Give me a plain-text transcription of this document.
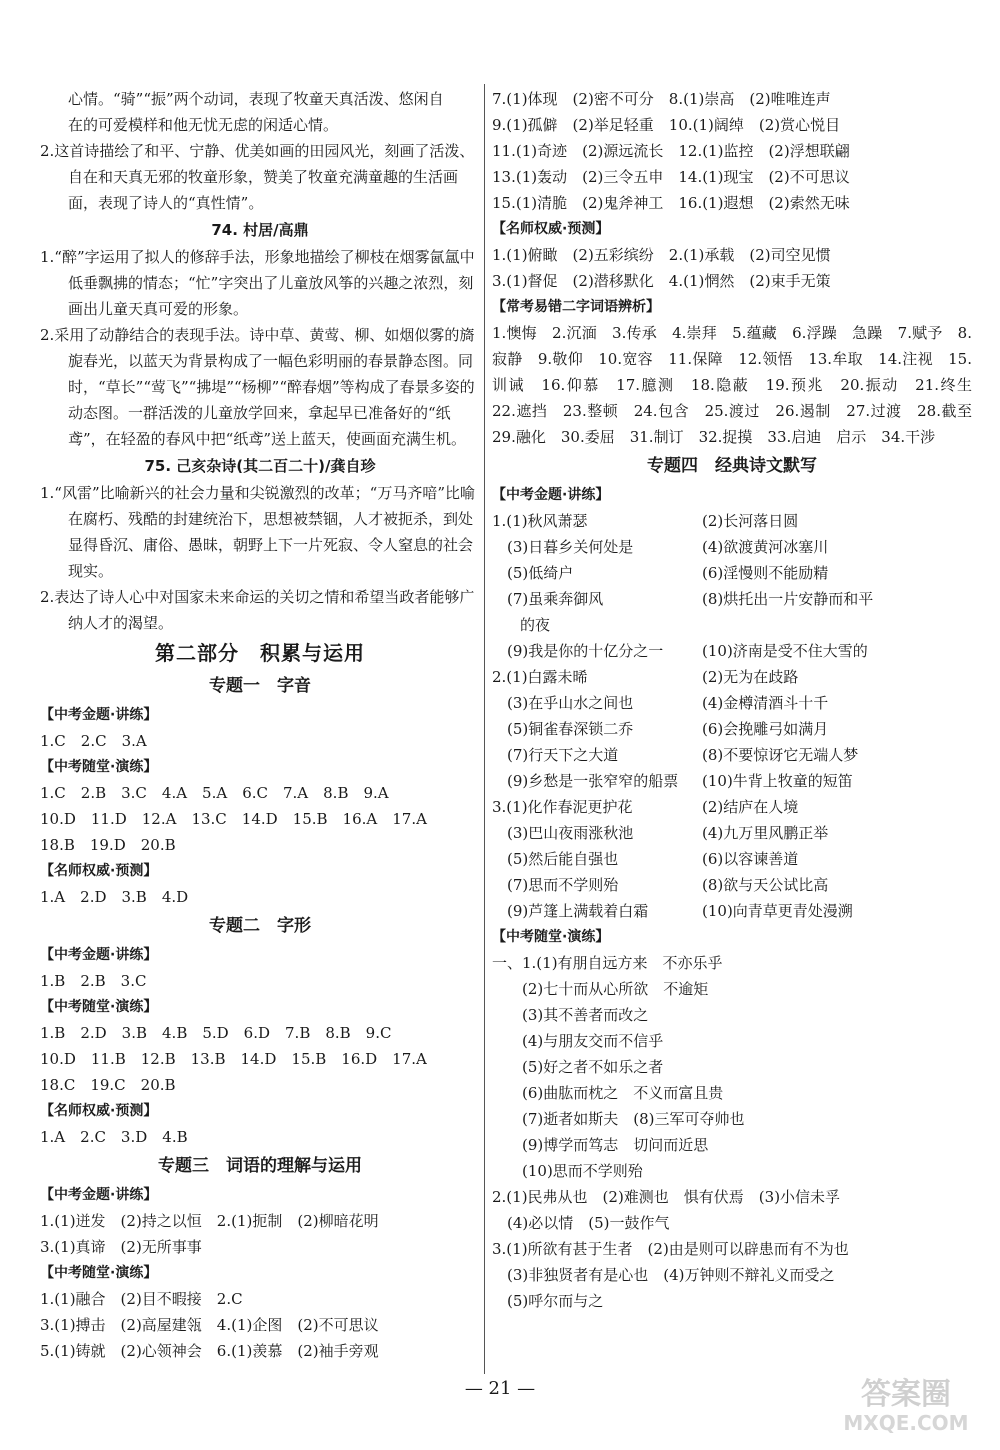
心情。“骑”“振”两个动词，表现了牧童天真活泼、悠闲自
在的可爱模样和他无忧无虑的闲适心情。
2.这首诗描绘了和平、宁静、优美如画的田园风光，刻画了活泼、自在和天真无邪的牧童形象，赞美了牧童充满童趣的生活画面，表现了诗人的“真性情”。
74. 村居/高鼎
1.“醉”字运用了拟人的修辞手法，形象地描绘了柳枝在烟雾氤氲中低垂飘拂的情态；“忙”字突出了儿童放风筝的兴趣之浓烈，刻画出儿童天真可爱的形象。
2.采用了动静结合的表现手法。诗中草、黄莺、柳、如烟似雾的旖旎春光，以蓝天为背景构成了一幅色彩明丽的春景静态图。同时，“草长”“莺飞”“拂堤”“杨柳”“醉春烟”等构成了春景多姿的动态图。一群活泼的儿童放学回来，拿起早已准备好的“纸鸢”，在轻盈的春风中把“纸鸢”送上蓝天，使画面充满生机。
75. 己亥杂诗(其二百二十)/龚自珍
1.“风雷”比喻新兴的社会力量和尖锐激烈的改革；“万马齐喑”比喻在腐朽、残酷的封建统治下，思想被禁锢，人才被扼杀，到处显得昏沉、庸俗、愚昧，朝野上下一片死寂、令人窒息的社会现实。
2.表达了诗人心中对国家未来命运的关切之情和希望当政者能够广纳人才的渴望。
第二部分　积累与运用
专题一　字音
【中考金题·讲练】
1.C　2.C　3.A
【中考随堂·演练】
1.C　2.B　3.C　4.A　5.A　6.C　7.A　8.B　9.A
10.D　11.D　12.A　13.C　14.D　15.B　16.A　17.A
18.B　19.D　20.B
【名师权威·预测】
1.A　2.D　3.B　4.D
专题二　字形
【中考金题·讲练】
1.B　2.B　3.C
【中考随堂·演练】
1.B　2.D　3.B　4.B　5.D　6.D　7.B　8.B　9.C
10.D　11.B　12.B　13.B　14.D　15.B　16.D　17.A
18.C　19.C　20.B
【名师权威·预测】
1.A　2.C　3.D　4.B
专题三　词语的理解与运用
【中考金题·讲练】
1.(1)迸发　(2)持之以恒　2.(1)扼制　(2)柳暗花明
3.(1)真谛　(2)无所事事
【中考随堂·演练】
1.(1)融合　(2)目不暇接　2.C
3.(1)搏击　(2)高屋建瓴　4.(1)企图　(2)不可思议
5.(1)铸就　(2)心领神会　6.(1)羡慕　(2)袖手旁观
7.(1)体现　(2)密不可分　8.(1)崇高　(2)唯唯连声
9.(1)孤僻　(2)举足轻重　10.(1)阔绰　(2)赏心悦目
11.(1)奇迹　(2)源远流长　12.(1)监控　(2)浮想联翩
13.(1)轰动　(2)三令五申　14.(1)现宝　(2)不可思议
15.(1)清脆　(2)鬼斧神工　16.(1)遐想　(2)索然无味
【名师权威·预测】
1.(1)俯瞰　(2)五彩缤纷　2.(1)承载　(2)司空见惯
3.(1)督促　(2)潜移默化　4.(1)惘然　(2)束手无策
【常考易错二字词语辨析】
1.懊悔　2.沉湎　3.传承　4.崇拜　5.蕴藏　6.浮躁　急躁　7.赋予　8.寂静　9.敬仰　10.宽容　11.保障　12.领悟　13.牟取　14.注视　15.训诫　16.仰慕　17.臆测　18.隐蔽　19.预兆　20.振动　21.终生　22.遮挡　23.整顿　24.包含　25.渡过　26.遏制　27.过渡　28.截至　29.融化　30.委屈　31.制订　32.捉摸　33.启迪　启示　34.干涉
专题四　经典诗文默写
【中考金题·讲练】
1.(1)秋风萧瑟	(2)长河落日圆
　(3)日暮乡关何处是	(4)欲渡黄河冰塞川
　(5)低绮户	(6)淫慢则不能励精
　(7)虽乘奔御风	(8)烘托出一片安静而和平
的夜
　(9)我是你的十亿分之一	(10)济南是受不住大雪的
2.(1)白露未晞	(2)无为在歧路
　(3)在乎山水之间也	(4)金樽清酒斗十千
　(5)铜雀春深锁二乔	(6)会挽雕弓如满月
　(7)行天下之大道	(8)不要惊讶它无端人梦
　(9)乡愁是一张窄窄的船票	(10)牛背上牧童的短笛
3.(1)化作春泥更护花	(2)结庐在人境
　(3)巴山夜雨涨秋池	(4)九万里风鹏正举
　(5)然后能自强也	(6)以容谏善道
　(7)思而不学则殆	(8)欲与天公试比高
　(9)芦篷上满载着白霜	(10)向青草更青处漫溯
【中考随堂·演练】
一、1.(1)有朋自远方来　不亦乐乎
　　(2)七十而从心所欲　不逾矩
　　(3)其不善者而改之
　　(4)与朋友交而不信乎
　　(5)好之者不如乐之者
　　(6)曲肱而枕之　不义而富且贵
　　(7)逝者如斯夫　(8)三军可夺帅也
　　(9)博学而笃志　切问而近思
　　(10)思而不学则殆
2.(1)民弗从也　(2)难测也　惧有伏焉　(3)小信未孚
　(4)必以情　(5)一鼓作气
3.(1)所欲有甚于生者　(2)由是则可以辟患而有不为也
　(3)非独贤者有是心也　(4)万钟则不辩礼义而受之
　(5)呼尔而与之
— 21 —	答案圈
MXQE.COM
